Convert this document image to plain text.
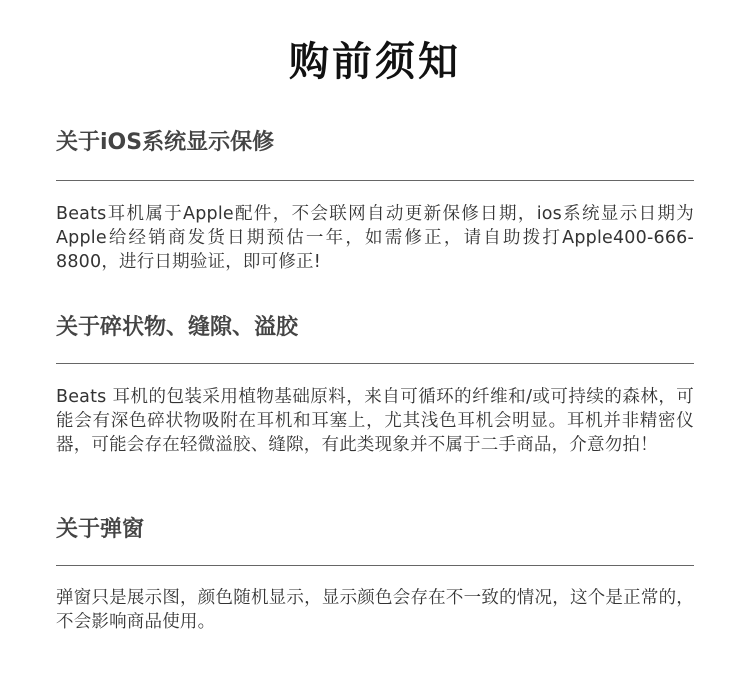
购前须知
关于iOS系统显示保修

Beats耳机属于Apple配件，不会联网自动更新保修日期，ios系统显示日期为Apple给经销商发货日期预估一年，如需修正，请自助拨打Apple400-666-8800，进行日期验证，即可修正!

关于碎状物、缝隙、溢胶

Beats 耳机的包装采用植物基础原料，来自可循环的纤维和/或可持续的森林，可能会有深色碎状物吸附在耳机和耳塞上，尤其浅色耳机会明显。耳机并非精密仪器，可能会存在轻微溢胶、缝隙，有此类现象并不属于二手商品，介意勿拍！

关于弹窗

弹窗只是展示图，颜色随机显示，显示颜色会存在不一致的情况，这个是正常的，不会影响商品使用。
